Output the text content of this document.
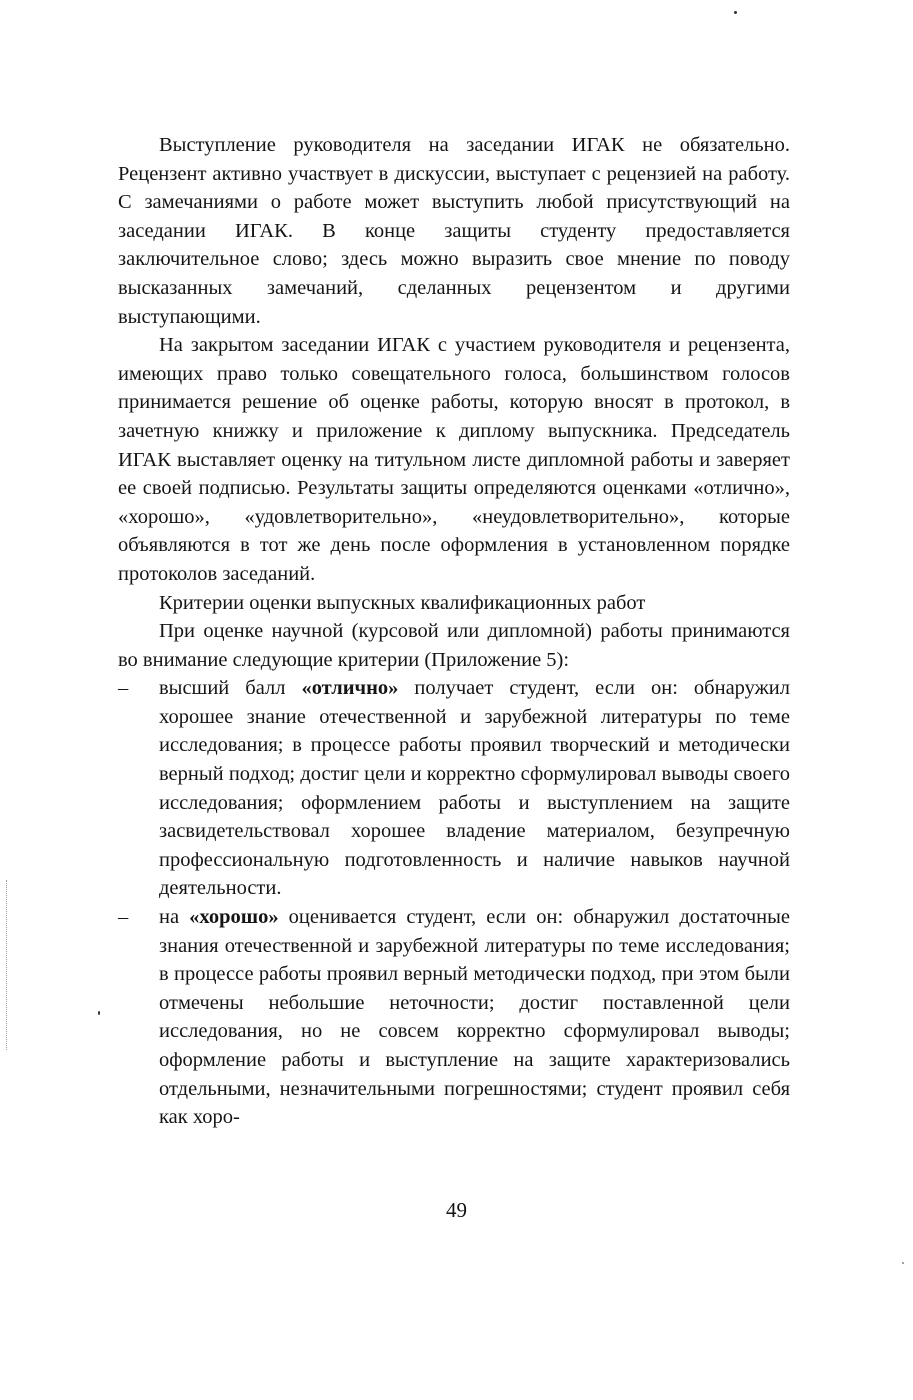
Выступление руководителя на заседании ИГАК не обязательно. Рецензент активно участвует в дискуссии, выступает с рецензией на работу. С замечаниями о работе может выступить любой присутствующий на заседании ИГАК. В конце защиты студенту предоставляется заключительное слово; здесь можно выразить свое мнение по поводу высказанных замечаний, сделанных рецензентом и другими выступающими.

На закрытом заседании ИГАК с участием руководителя и рецензента, имеющих право только совещательного голоса, большинством голосов принимается решение об оценке работы, которую вносят в протокол, в зачетную книжку и приложение к диплому выпускника. Председатель ИГАК выставляет оценку на титульном листе дипломной работы и заверяет ее своей подписью. Результаты защиты определяются оценками «отлично», «хорошо», «удовлетворительно», «неудовлетворительно», которые объявляются в тот же день после оформления в установленном порядке протоколов заседаний.

Критерии оценки выпускных квалификационных работ

При оценке научной (курсовой или дипломной) работы принимаются во внимание следующие критерии (Приложение 5):

– высший балл «отлично» получает студент, если он: обнаружил хорошее знание отечественной и зарубежной литературы по теме исследования; в процессе работы проявил творческий и методически верный подход; достиг цели и корректно сформулировал выводы своего исследования; оформлением работы и выступлением на защите засвидетельствовал хорошее владение материалом, безупречную профессиональную подготовленность и наличие навыков научной деятельности.
– на «хорошо» оценивается студент, если он: обнаружил достаточные знания отечественной и зарубежной литературы по теме исследования; в процессе работы проявил верный методически подход, при этом были отмечены небольшие неточности; достиг поставленной цели исследования, но не совсем корректно сформулировал выводы; оформление работы и выступление на защите характеризовались отдельными, незначительными погрешностями; студент проявил себя как хоро-
49
